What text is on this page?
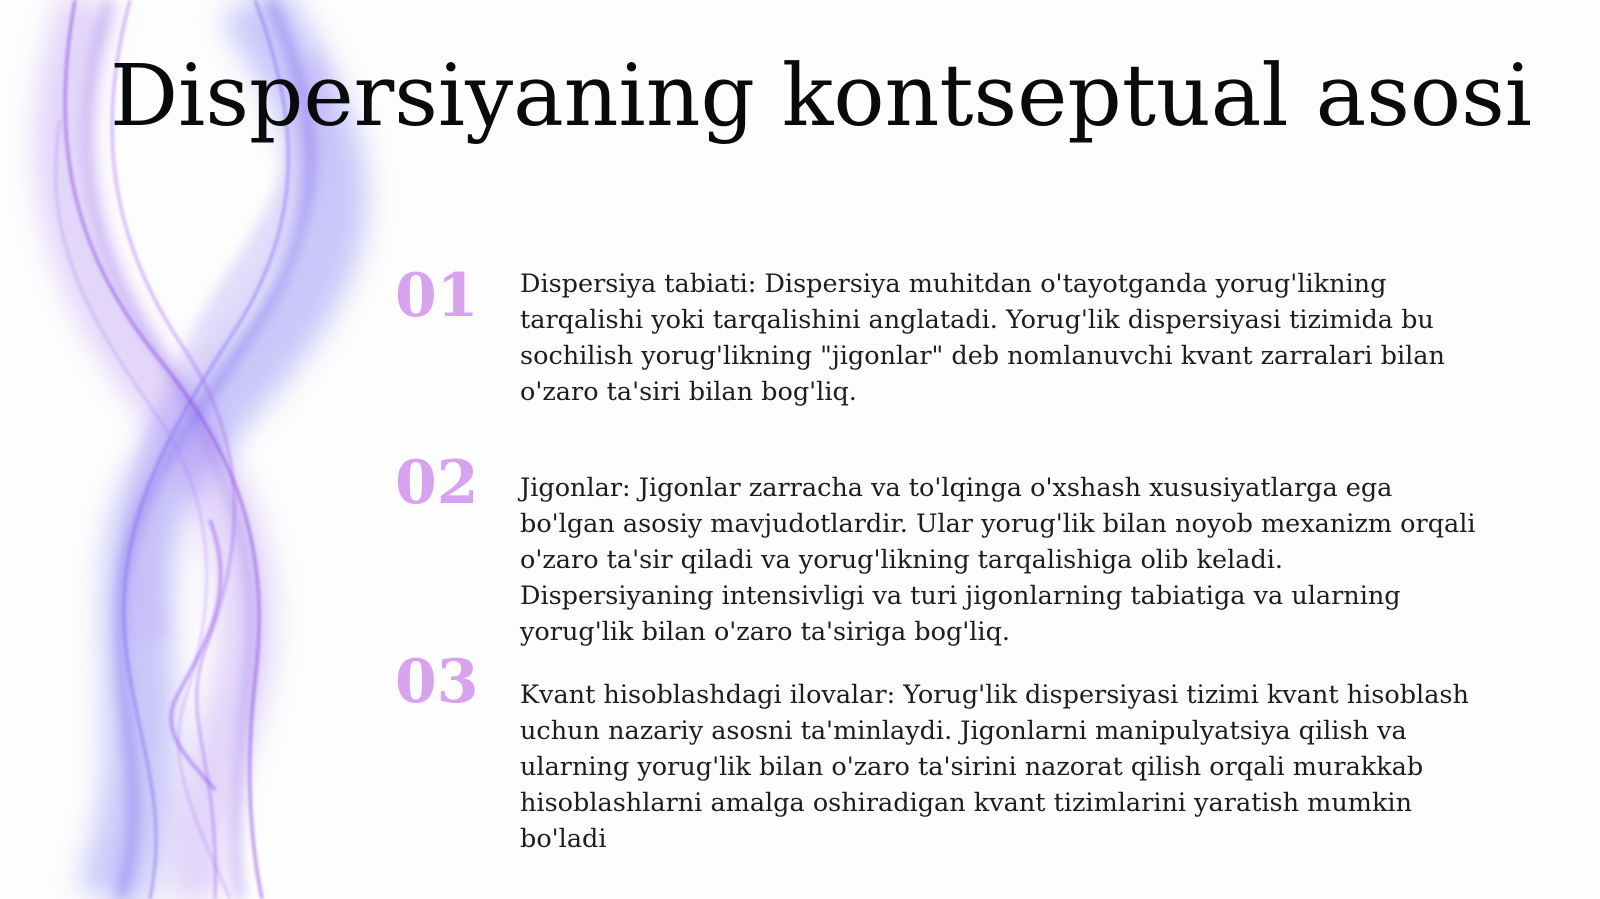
Dispersiyaning kontseptual asosi
01 Dispersiya tabiati: Dispersiya muhitdan o'tayotganda yorug'likning tarqalishi yoki tarqalishini anglatadi. Yorug'lik dispersiyasi tizimida bu sochilish yorug'likning "jigonlar" deb nomlanuvchi kvant zarralari bilan o'zaro ta'siri bilan bog'liq.

02 Jigonlar: Jigonlar zarracha va to'lqinga o'xshash xususiyatlarga ega bo'lgan asosiy mavjudotlardir. Ular yorug'lik bilan noyob mexanizm orqali o'zaro ta'sir qiladi va yorug'likning tarqalishiga olib keladi. Dispersiyaning intensivligi va turi jigonlarning tabiatiga va ularning yorug'lik bilan o'zaro ta'siriga bog'liq.

03 Kvant hisoblashdagi ilovalar: Yorug'lik dispersiyasi tizimi kvant hisoblash uchun nazariy asosni ta'minlaydi. Jigonlarni manipulyatsiya qilish va ularning yorug'lik bilan o'zaro ta'sirini nazorat qilish orqali murakkab hisoblashlarni amalga oshiradigan kvant tizimlarini yaratish mumkin bo'ladi
